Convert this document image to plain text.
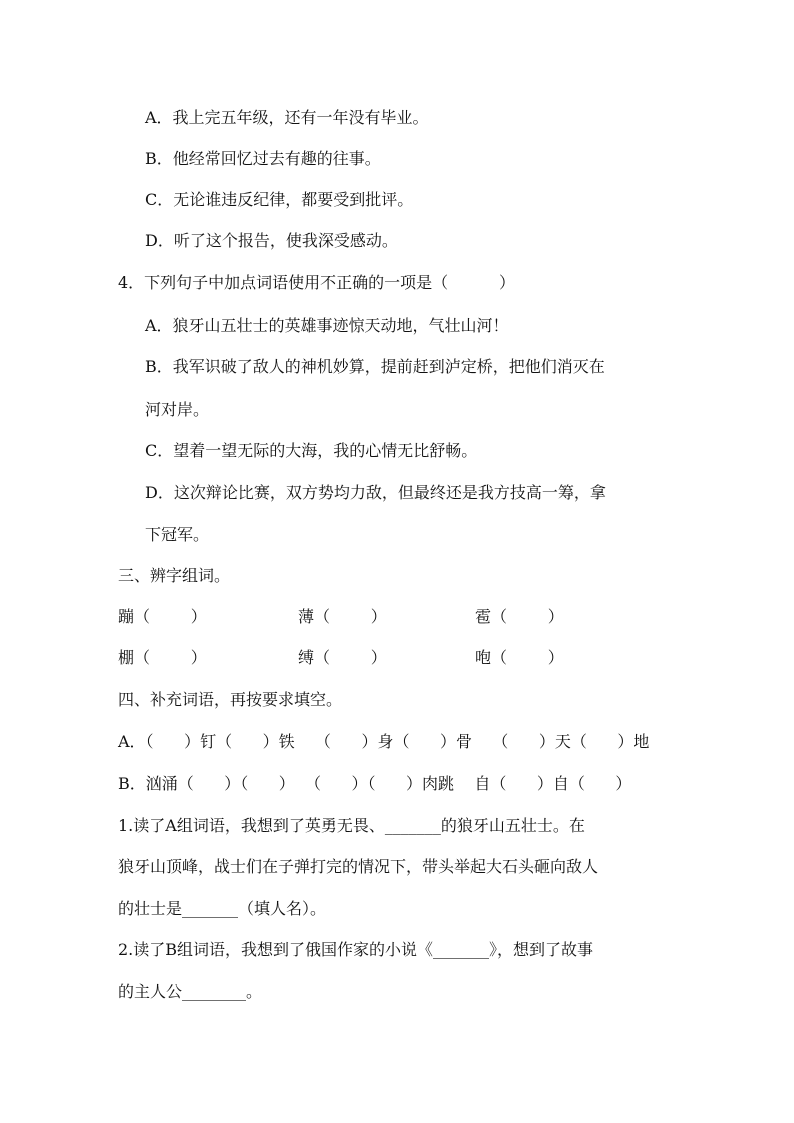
A．我上完五年级，还有一年没有毕业。
B．他经常回忆过去有趣的往事。
C．无论谁违反纪律，都要受到批评。
D．听了这个报告，使我深受感动。
4．下列句子中加点词语使用不正确的一项是（          ）
A．狼牙山五壮士的英雄事迹惊天动地，气壮山河！
B．我军识破了敌人的神机妙算，提前赶到泸定桥，把他们消灭在
河对岸。
C．望着一望无际的大海，我的心情无比舒畅。
D．这次辩论比赛，双方势均力敌，但最终还是我方技高一筹，拿
下冠军。
三、辨字组词。
蹦（        ）	薄（        ）	雹（        ）
棚（        ）	缚（        ）	咆（        ）
四、补充词语，再按要求填空。
A．（      ）钉（      ）铁    （      ）身（      ）骨    （      ）天（      ）地
B．汹涌（      ）（      ）  （      ）（      ）肉跳    自（      ）自（      ）
1.读了A组词语，我想到了英勇无畏、_______的狼牙山五壮士。在
狼牙山顶峰，战士们在子弹打完的情况下，带头举起大石头砸向敌人
的壮士是_______（填人名）。
2.读了B组词语，我想到了俄国作家的小说《_______》，想到了故事
的主人公________。
